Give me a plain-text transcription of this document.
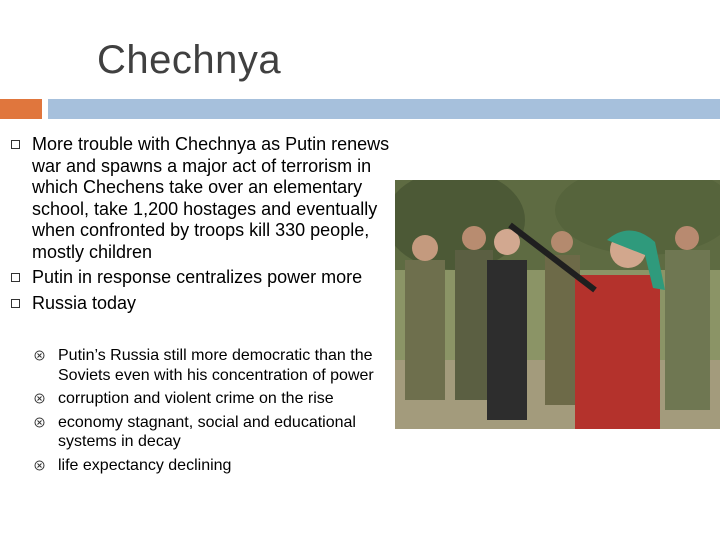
Chechnya
More trouble with Chechnya as Putin renews war and spawns a major act of terrorism in which Chechens take over an elementary school, take 1,200 hostages and eventually when confronted by troops kill 330 people, mostly children
Putin in response centralizes power more
Russia today
Putin’s Russia still more democratic than the Soviets even with his concentration of power
corruption and violent crime on the rise
economy stagnant, social and educational systems in decay
life expectancy declining
